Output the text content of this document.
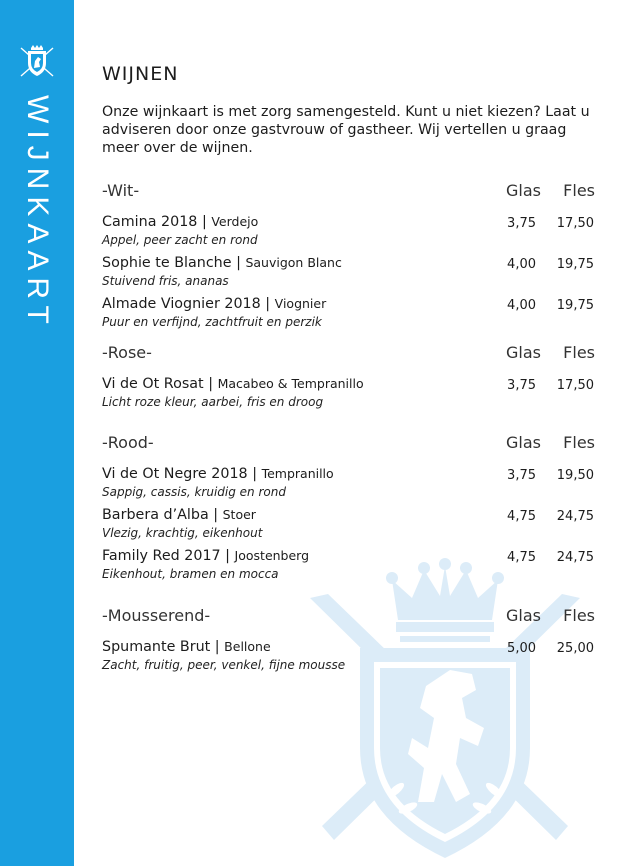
WIJNKAART
WIJNEN
Onze wijnkaart is met zorg samengesteld. Kunt u niet kiezen? Laat u adviseren door onze gastvrouw of gastheer. Wij vertellen u graag meer over de wijnen.
-Wit-	Glas Fles
Camina 2018 | Verdejo
Appel, peer zacht en rond
3,75 17,50
Sophie te Blanche | Sauvigon Blanc
Stuivend fris, ananas
4,00 19,75
Almade Viognier 2018 | Viognier
Puur en verfijnd, zachtfruit en perzik
4,00 19,75
-Rose-	Glas Fles
Vi de Ot Rosat | Macabeo & Tempranillo
Licht roze kleur, aarbei, fris en droog
3,75 17,50
-Rood-	Glas Fles
Vi de Ot Negre 2018 | Tempranillo
Sappig, cassis, kruidig en rond
3,75 19,50
Barbera d’Alba | Stoer
Vlezig, krachtig, eikenhout
4,75 24,75
Family Red 2017 | Joostenberg
Eikenhout, bramen en mocca
4,75 24,75
-Mousserend-	Glas Fles
Spumante Brut | Bellone
Zacht, fruitig, peer, venkel, fijne mousse
5,00 25,00
